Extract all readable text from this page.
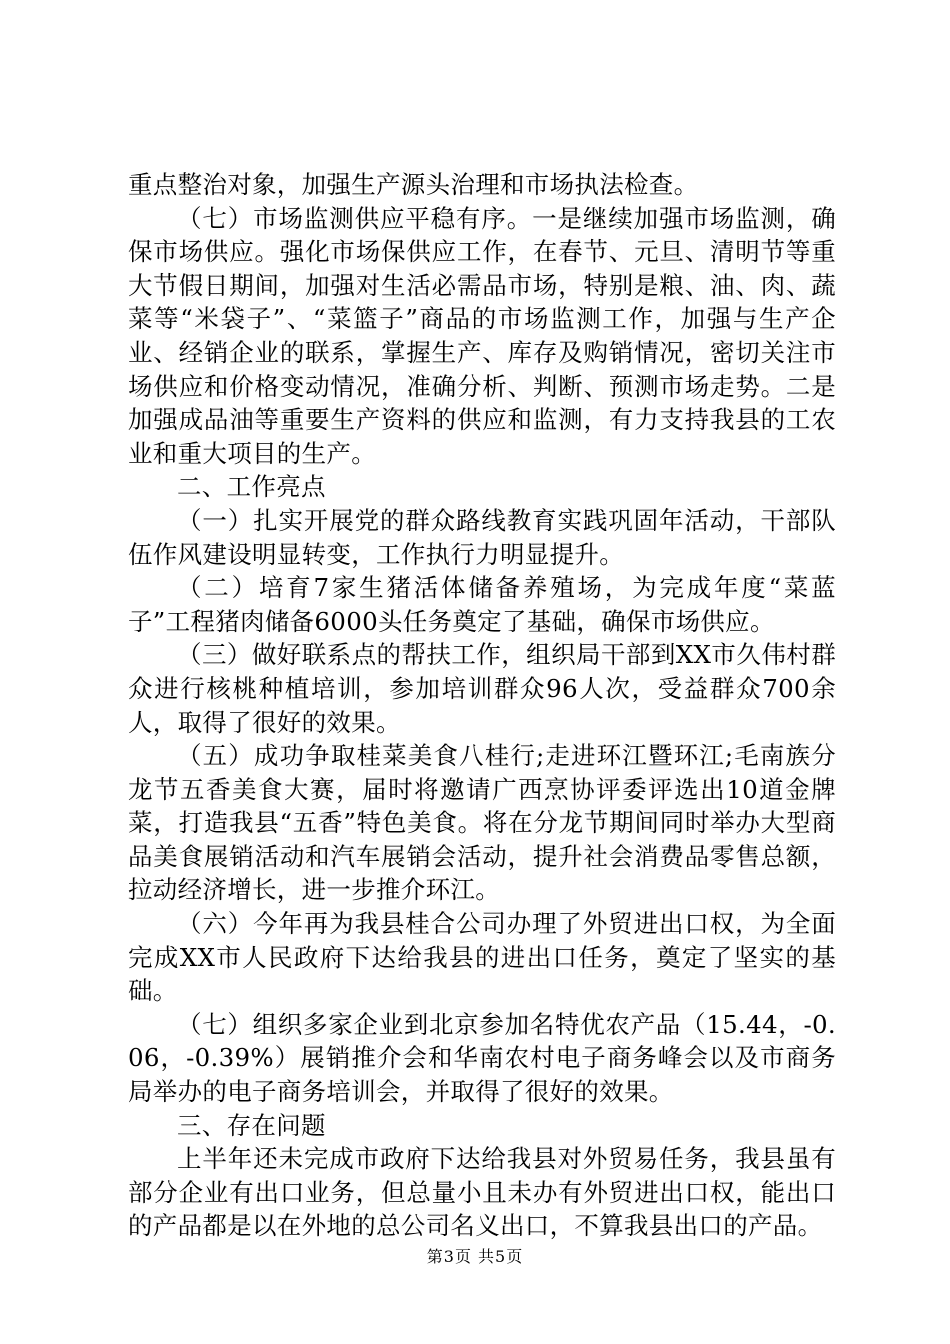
重点整治对象，加强生产源头治理和市场执法检查。

（七）市场监测供应平稳有序。一是继续加强市场监测，确保市场供应。强化市场保供应工作，在春节、元旦、清明节等重大节假日期间，加强对生活必需品市场，特别是粮、油、肉、蔬菜等“米袋子”、“菜篮子”商品的市场监测工作，加强与生产企业、经销企业的联系，掌握生产、库存及购销情况，密切关注市场供应和价格变动情况，准确分析、判断、预测市场走势。二是加强成品油等重要生产资料的供应和监测，有力支持我县的工农业和重大项目的生产。

二、工作亮点

（一）扎实开展党的群众路线教育实践巩固年活动，干部队伍作风建设明显转变，工作执行力明显提升。

（二）培育7家生猪活体储备养殖场，为完成年度“菜蓝子”工程猪肉储备6000头任务奠定了基础，确保市场供应。

（三）做好联系点的帮扶工作，组织局干部到XX市久伟村群众进行核桃种植培训，参加培训群众96人次，受益群众700余人，取得了很好的效果。

（五）成功争取桂菜美食八桂行;走进环江暨环江;毛南族分龙节五香美食大赛，届时将邀请广西烹协评委评选出10道金牌菜，打造我县“五香”特色美食。将在分龙节期间同时举办大型商品美食展销活动和汽车展销会活动，提升社会消费品零售总额，拉动经济增长，进一步推介环江。

（六）今年再为我县桂合公司办理了外贸进出口权，为全面完成XX市人民政府下达给我县的进出口任务，奠定了坚实的基础。

（七）组织多家企业到北京参加名特优农产品（15.44，-0.06，-0.39%）展销推介会和华南农村电子商务峰会以及市商务局举办的电子商务培训会，并取得了很好的效果。

三、存在问题

上半年还未完成市政府下达给我县对外贸易任务，我县虽有部分企业有出口业务，但总量小且未办有外贸进出口权，能出口的产品都是以在外地的总公司名义出口，不算我县出口的产品。

第3页 共5页
